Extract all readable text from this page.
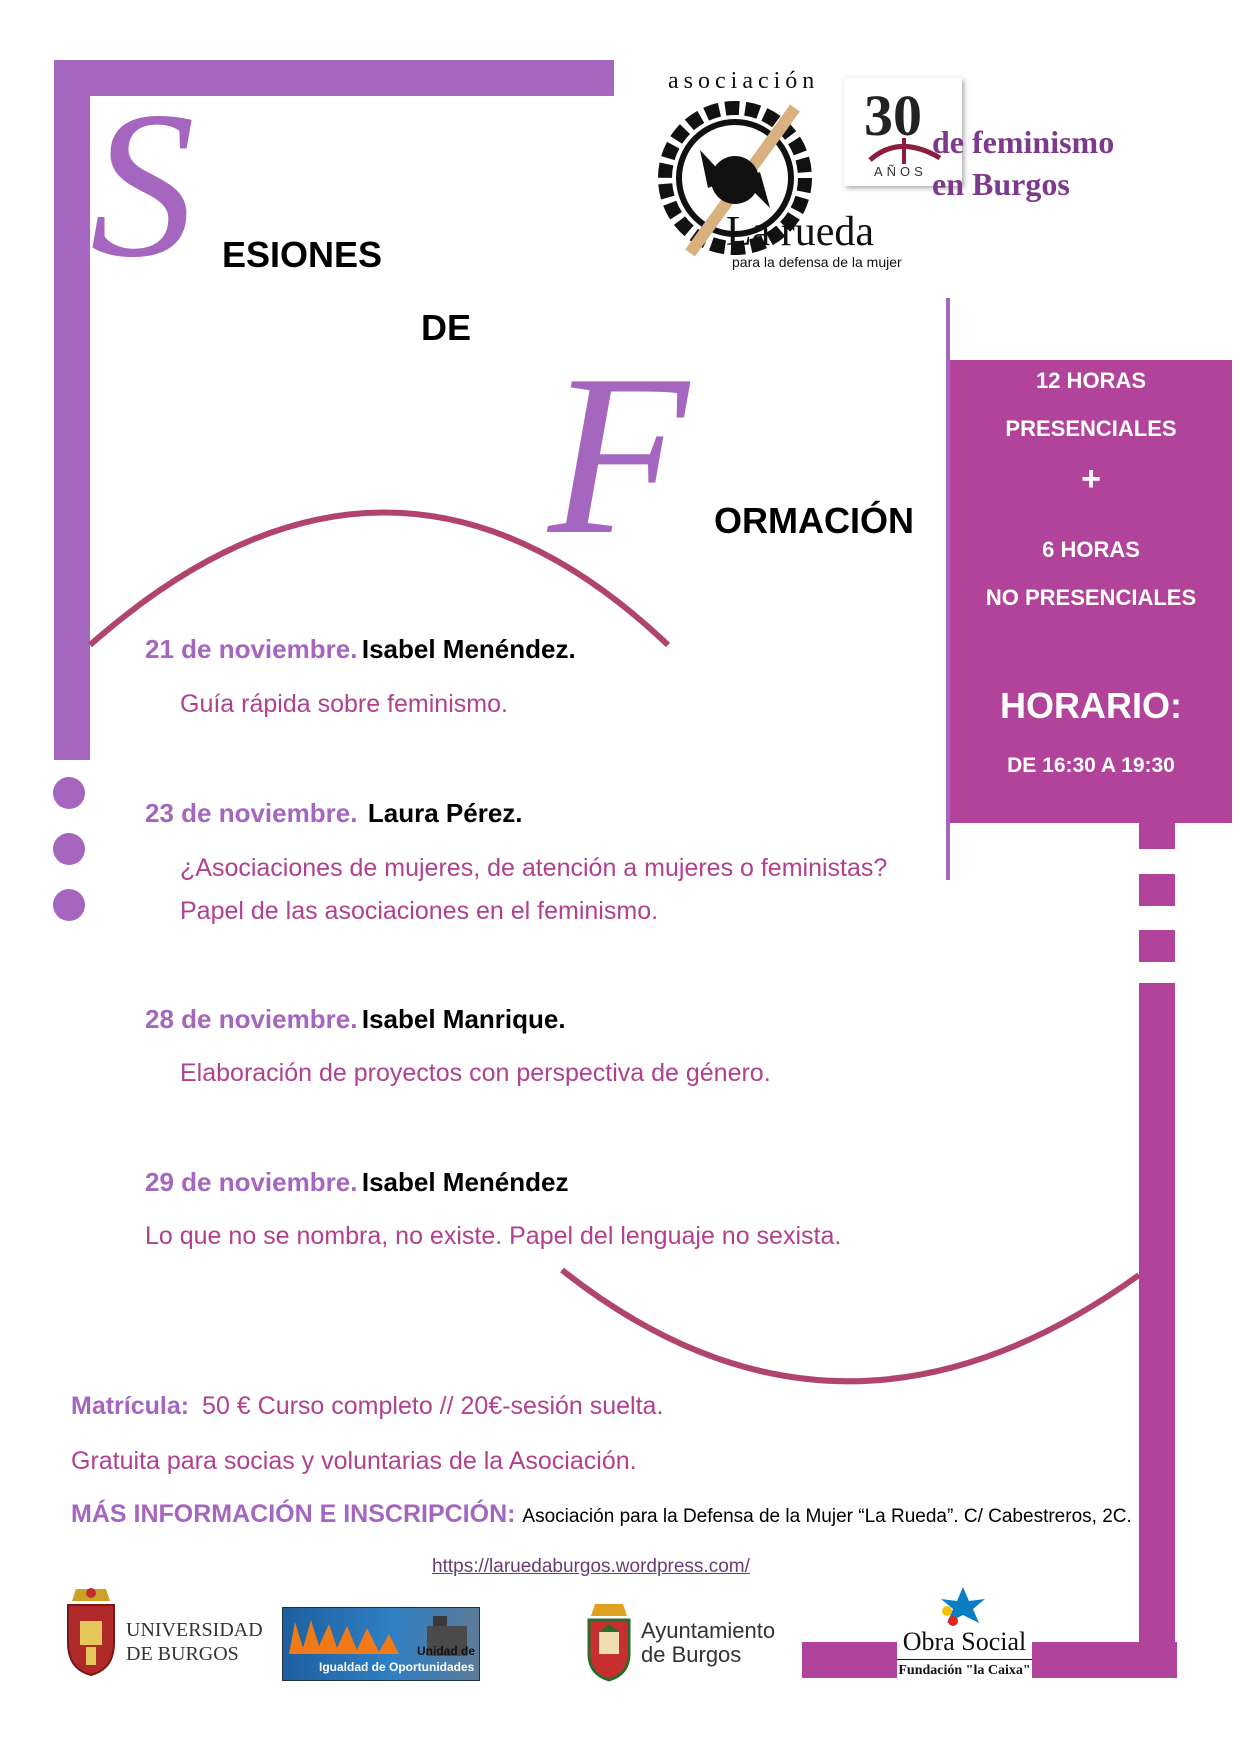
12 HORAS
PRESENCIALES
+
6 HORAS
NO PRESENCIALES
HORARIO:
DE 16:30 A 19:30
S ESIONES
DE F ORMACIÓN
asociación
La rueda
para la defensa de la mujer
30
AÑOS
de feminismo
en Burgos
21 de noviembre. Isabel Menéndez.
Guía rápida sobre feminismo.
23 de noviembre. Laura Pérez.
¿Asociaciones de mujeres, de atención a mujeres o feministas?
Papel de las asociaciones en el feminismo.
28 de noviembre. Isabel Manrique.
Elaboración de proyectos con perspectiva de género.
29 de noviembre. Isabel Menéndez
Lo que no se nombra, no existe. Papel del lenguaje no sexista.
Matrícula: 50 € Curso completo // 20€-sesión suelta.
Gratuita para socias y voluntarias de la Asociación.
MÁS INFORMACIÓN E INSCRIPCIÓN: Asociación para la Defensa de la Mujer “La Rueda”. C/ Cabestreros, 2C.
https://laruedaburgos.wordpress.com/
UNIVERSIDAD
DE BURGOS	Unidad de
Igualdad de Oportunidades
Ayuntamiento
de Burgos	Obra Social
Fundación "la Caixa"
